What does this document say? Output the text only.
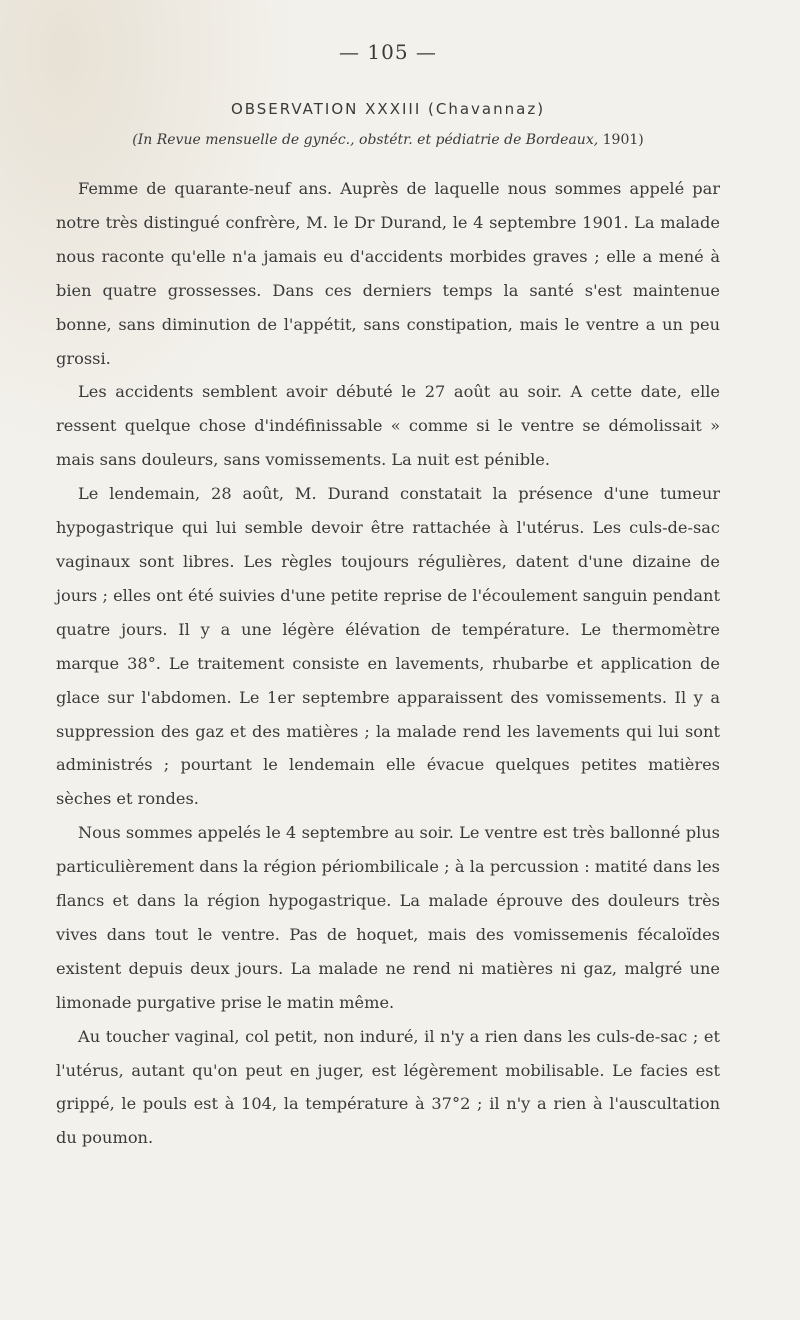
— 105 —
OBSERVATION XXXIII (Chavannaz)
(In Revue mensuelle de gynéc., obstétr. et pédiatrie de Bordeaux, 1901)

Femme de quarante-neuf ans. Auprès de laquelle nous sommes appelé par notre très distingué confrère, M. le Dr Durand, le 4 septembre 1901. La malade nous raconte qu'elle n'a jamais eu d'accidents morbides graves ; elle a mené à bien quatre grossesses. Dans ces derniers temps la santé s'est maintenue bonne, sans diminution de l'appétit, sans constipation, mais le ventre a un peu grossi.

Les accidents semblent avoir débuté le 27 août au soir. A cette date, elle ressent quelque chose d'indéfinissable « comme si le ventre se démolissait » mais sans douleurs, sans vomissements. La nuit est pénible.

Le lendemain, 28 août, M. Durand constatait la présence d'une tumeur hypogastrique qui lui semble devoir être rattachée à l'utérus. Les culs-de-sac vaginaux sont libres. Les règles toujours régulières, datent d'une dizaine de jours ; elles ont été suivies d'une petite reprise de l'écoulement sanguin pendant quatre jours. Il y a une légère élévation de température. Le thermomètre marque 38°. Le traitement consiste en lavements, rhubarbe et application de glace sur l'abdomen. Le 1er septembre apparaissent des vomissements. Il y a suppression des gaz et des matières ; la malade rend les lavements qui lui sont administrés ; pourtant le lendemain elle évacue quelques petites matières sèches et rondes.

Nous sommes appelés le 4 septembre au soir. Le ventre est très ballonné plus particulièrement dans la région périombilicale ; à la percussion : matité dans les flancs et dans la région hypogastrique. La malade éprouve des douleurs très vives dans tout le ventre. Pas de hoquet, mais des vomissemenis fécaloïdes existent depuis deux jours. La malade ne rend ni matières ni gaz, malgré une limonade purgative prise le matin même.

Au toucher vaginal, col petit, non induré, il n'y a rien dans les culs-de-sac ; et l'utérus, autant qu'on peut en juger, est légèrement mobilisable. Le facies est grippé, le pouls est à 104, la température à 37°2 ; il n'y a rien à l'auscultation du poumon.
